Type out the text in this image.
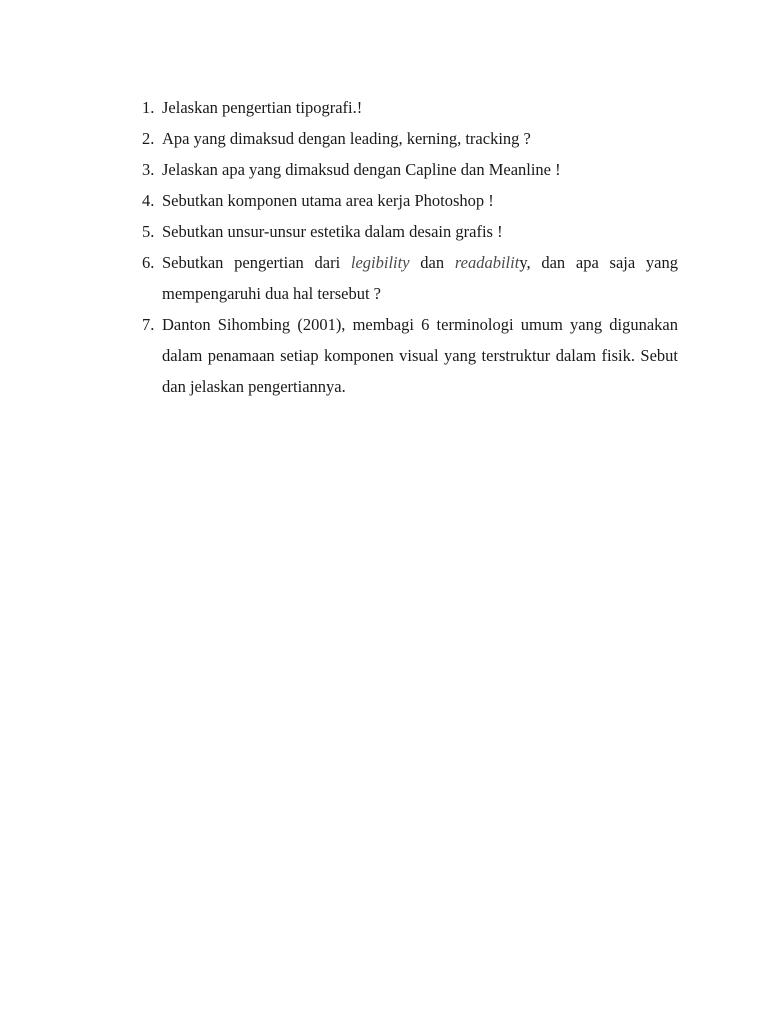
1. Jelaskan pengertian tipografi.!
2. Apa yang dimaksud dengan leading, kerning, tracking ?
3. Jelaskan apa yang dimaksud dengan Capline dan Meanline !
4. Sebutkan komponen utama area kerja Photoshop !
5. Sebutkan unsur-unsur estetika dalam desain grafis !
6. Sebutkan pengertian dari legibility dan readability, dan apa saja yang mempengaruhi dua hal tersebut ?
7. Danton Sihombing (2001), membagi 6 terminologi umum yang digunakan dalam penamaan setiap komponen visual yang terstruktur dalam fisik. Sebut dan jelaskan pengertiannya.
